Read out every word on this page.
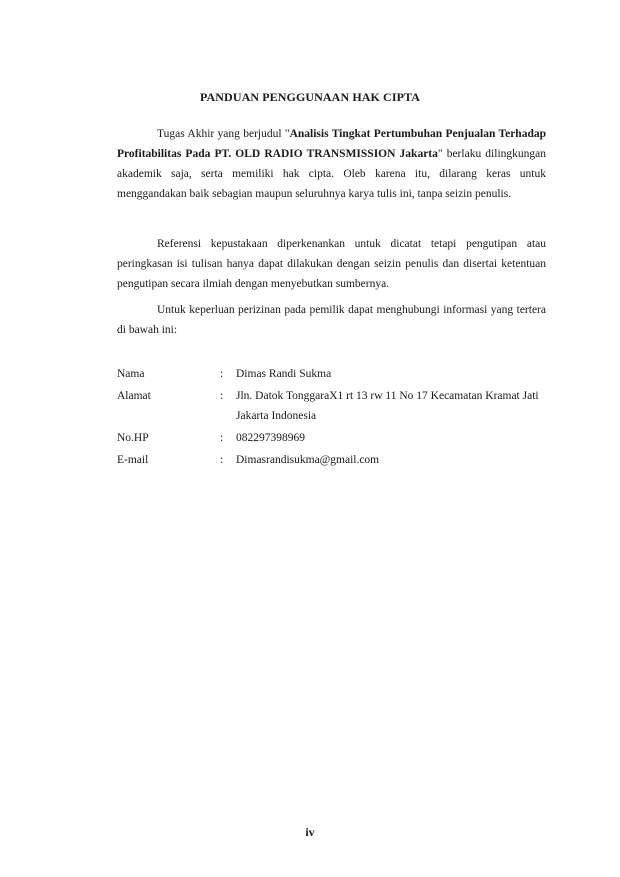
PANDUAN PENGGUNAAN HAK CIPTA

Tugas Akhir yang berjudul "Analisis Tingkat Pertumbuhan Penjualan Terhadap Profitabilitas Pada PT. OLD RADIO TRANSMISSION Jakarta" berlaku dilingkungan akademik saja, serta memiliki hak cipta. Oleb karena itu, dilarang keras untuk menggandakan baik sebagian maupun seluruhnya karya tulis ini, tanpa seizin penulis.

Referensi kepustakaan diperkenankan untuk dicatat tetapi pengutipan atau peringkasan isi tulisan hanya dapat dilakukan dengan seizin penulis dan disertai ketentuan pengutipan secara ilmiah dengan menyebutkan sumbernya.

Untuk keperluan perizinan pada pemilik dapat menghubungi informasi yang tertera di bawah ini:

Nama	:	Dimas Randi Sukma
Alamat	:	Jln. Datok TonggaraX1 rt 13 rw 11 No 17 Kecamatan Kramat Jati Jakarta Indonesia
No.HP	:	082297398969
E-mail	:	Dimasrandisukma@gmail.com
iv
